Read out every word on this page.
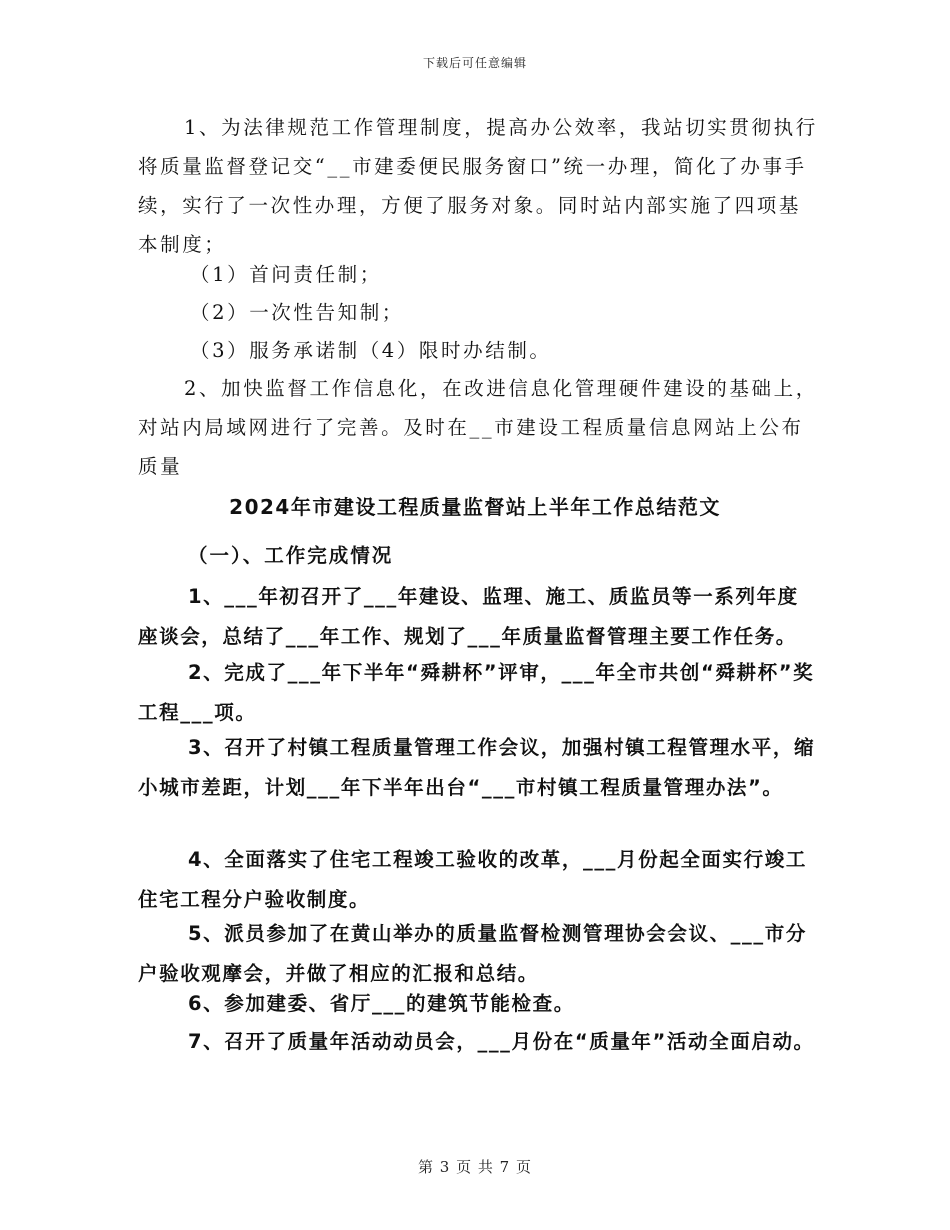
下载后可任意编辑

1、为法律规范工作管理制度，提高办公效率，我站切实贯彻执行将质量监督登记交“__市建委便民服务窗口”统一办理，简化了办事手续，实行了一次性办理，方便了服务对象。同时站内部实施了四项基本制度；

（1）首问责任制；

（2）一次性告知制；

（3）服务承诺制（4）限时办结制。

2、加快监督工作信息化，在改进信息化管理硬件建设的基础上，对站内局域网进行了完善。及时在__市建设工程质量信息网站上公布质量

2024年市建设工程质量监督站上半年工作总结范文

（一）、工作完成情况

1、___年初召开了___年建设、监理、施工、质监员等一系列年度座谈会，总结了___年工作、规划了___年质量监督管理主要工作任务。

2、完成了___年下半年“舜耕杯”评审，___年全市共创“舜耕杯”奖工程___项。

3、召开了村镇工程质量管理工作会议，加强村镇工程管理水平，缩小城市差距，计划___年下半年出台“___市村镇工程质量管理办法”。

4、全面落实了住宅工程竣工验收的改革，___月份起全面实行竣工住宅工程分户验收制度。

5、派员参加了在黄山举办的质量监督检测管理协会会议、___市分户验收观摩会，并做了相应的汇报和总结。

6、参加建委、省厅___的建筑节能检查。

7、召开了质量年活动动员会，___月份在“质量年”活动全面启动。

第 3 页 共 7 页
